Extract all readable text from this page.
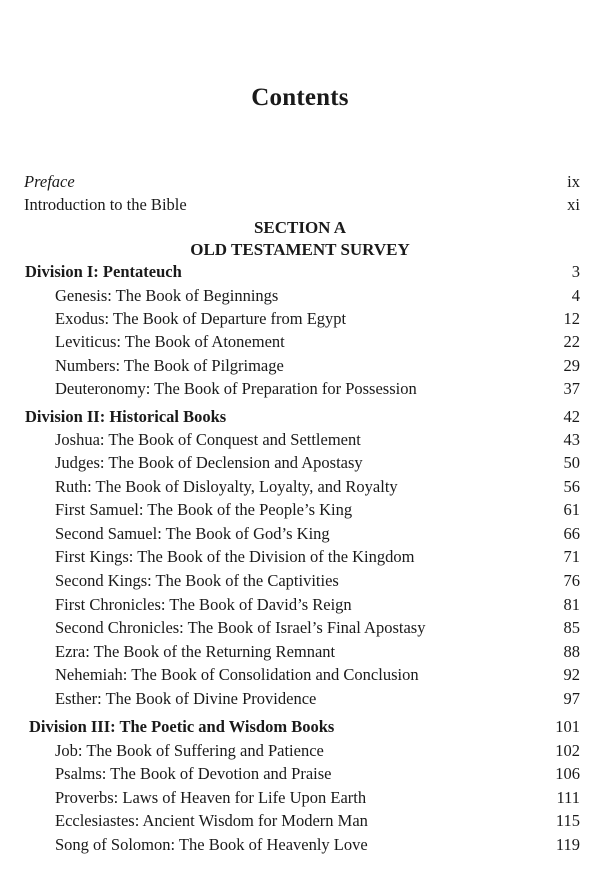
Contents
Preface	ix
Introduction to the Bible	xi
SECTION A
OLD TESTAMENT SURVEY
Division I: Pentateuch	3
Genesis: The Book of Beginnings	4
Exodus: The Book of Departure from Egypt	12
Leviticus: The Book of Atonement	22
Numbers: The Book of Pilgrimage	29
Deuteronomy: The Book of Preparation for Possession	37
Division II: Historical Books	42
Joshua: The Book of Conquest and Settlement	43
Judges: The Book of Declension and Apostasy	50
Ruth: The Book of Disloyalty, Loyalty, and Royalty	56
First Samuel: The Book of the People’s King	61
Second Samuel: The Book of God’s King	66
First Kings: The Book of the Division of the Kingdom	71
Second Kings: The Book of the Captivities	76
First Chronicles: The Book of David’s Reign	81
Second Chronicles: The Book of Israel’s Final Apostasy	85
Ezra: The Book of the Returning Remnant	88
Nehemiah: The Book of Consolidation and Conclusion	92
Esther: The Book of Divine Providence	97
Division III: The Poetic and Wisdom Books	101
Job: The Book of Suffering and Patience	102
Psalms: The Book of Devotion and Praise	106
Proverbs: Laws of Heaven for Life Upon Earth	111
Ecclesiastes: Ancient Wisdom for Modern Man	115
Song of Solomon: The Book of Heavenly Love	119
